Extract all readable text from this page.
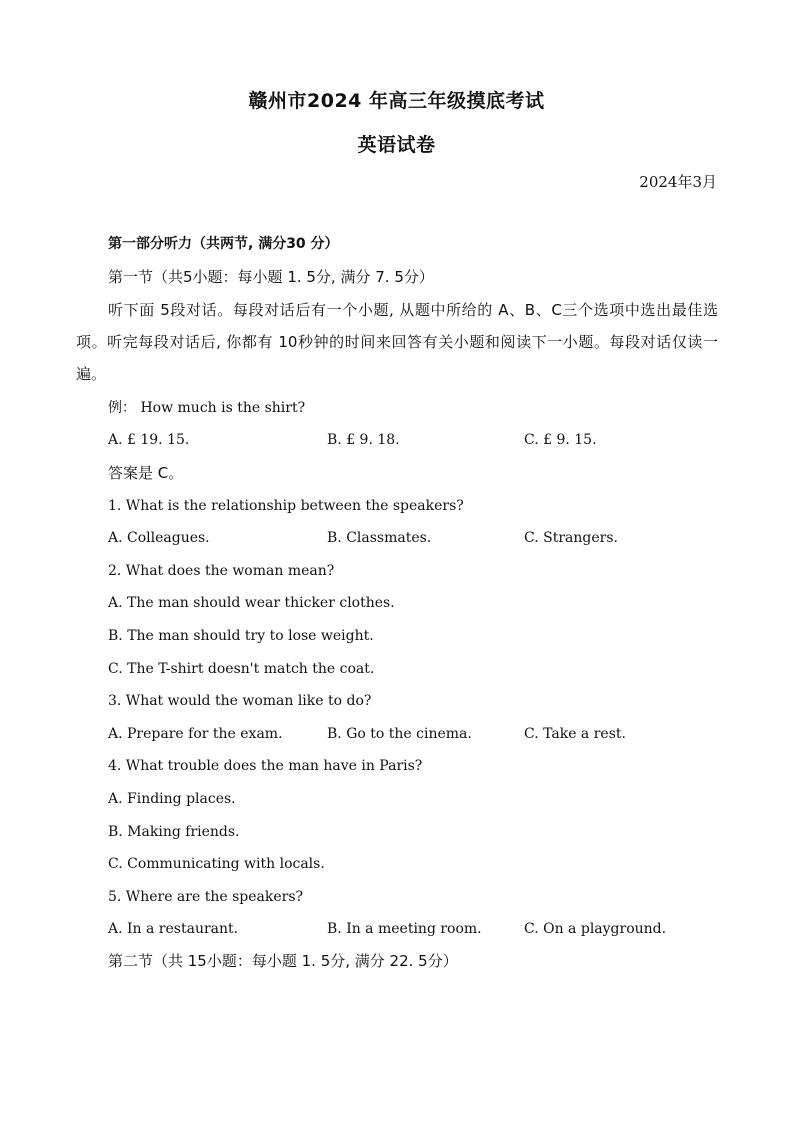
赣州市2024 年高三年级摸底考试
英语试卷
2024年3月
第一部分听力（共两节, 满分30 分）
第一节（共5小题：每小题 1. 5分, 满分 7. 5分）
听下面 5段对话。每段对话后有一个小题, 从题中所给的 A、B、C三个选项中选出最佳选项。听完每段对话后, 你都有 10秒钟的时间来回答有关小题和阅读下一小题。每段对话仅读一遍。
例： How much is the shirt?
A. £ 19. 15.	B. £ 9. 18.	C. £ 9. 15.
答案是 C。
1. What is the relationship between the speakers?
A. Colleagues.	B. Classmates.	C. Strangers.
2. What does the woman mean?
A. The man should wear thicker clothes.
B. The man should try to lose weight.
C. The T-shirt doesn't match the coat.
3. What would the woman like to do?
A. Prepare for the exam.	B. Go to the cinema.	C. Take a rest.
4. What trouble does the man have in Paris?
A. Finding places.
B. Making friends.
C. Communicating with locals.
5. Where are the speakers?
A. In a restaurant.	B. In a meeting room.	C. On a playground.
第二节（共 15小题：每小题 1. 5分, 满分 22. 5分）
